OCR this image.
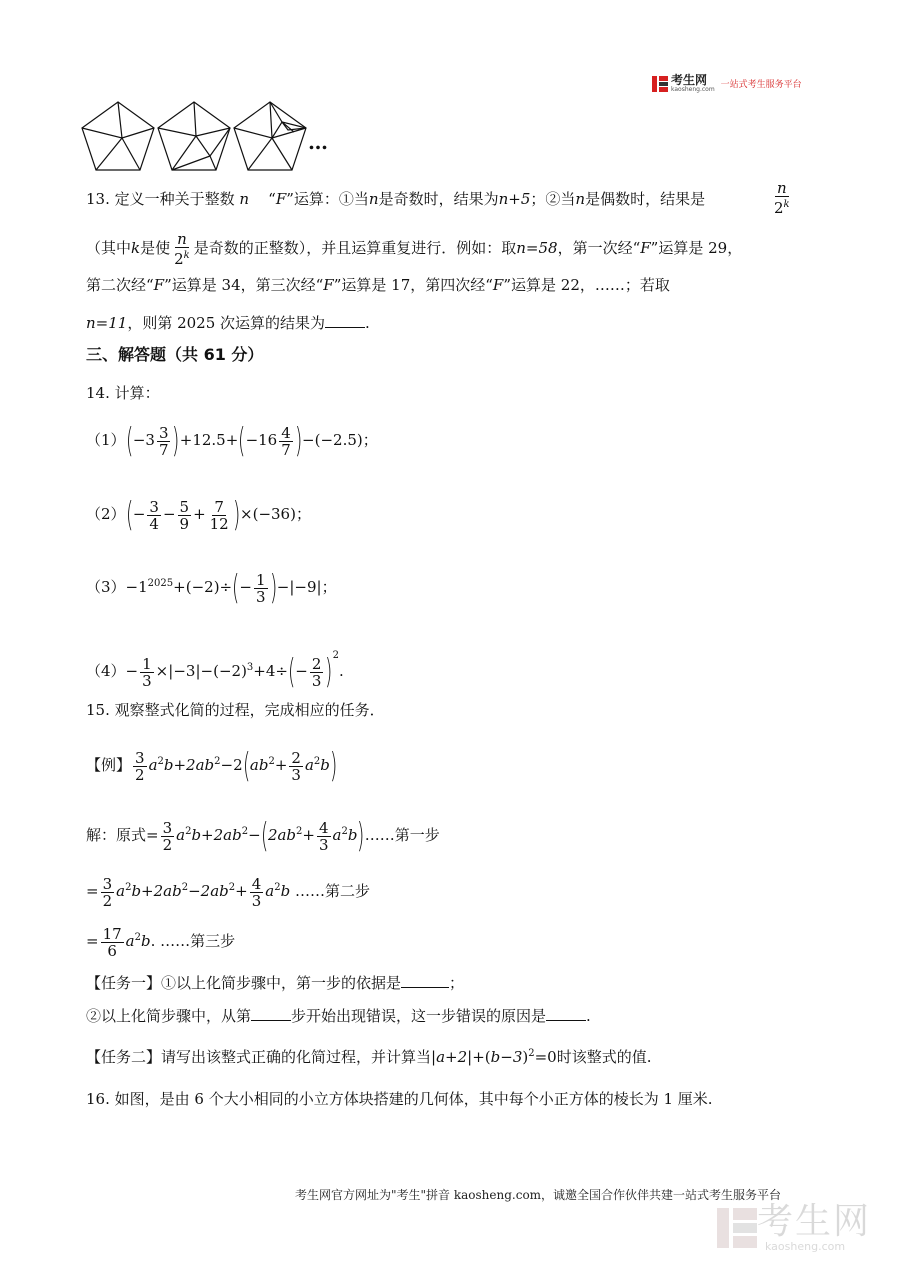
考生网
kaosheng.com 一站式考生服务平台
…
13. 定义一种关于整数 n “F”运算：①当n是奇数时，结果为n+5；②当n是偶数时，结果是	$\frac{n}{2^k}$
（其中k是使 $\frac{n}{2^k}$ 是奇数的正整数），并且运算重复进行．例如：取n=58，第一次经“F”运算是 29，
第二次经“F”运算是 34，第三次经“F”运算是 17，第四次经“F”运算是 22，……；若取
n=11，则第 2025 次运算的结果为	.
三、解答题（共 61 分）
14. 计算：
$(1)(-3 \frac{3}{7} )+12.5+(-16 \frac{4}{7} )-(-2.5)$；
$(2)(- \frac{3}{4} - \frac{5}{9} + \frac{7}{12} )\times(-36)$；
$(3)-1^{2025}+(-2)\div(- \frac{1}{3} )-|-9|$；
$(4)- \frac{1}{3} \times|-3|-(-2)^3+4\div(- \frac{2}{3} )^2$.
15. 观察整式化简的过程，完成相应的任务．
【例】 $\frac{3}{2} a^2b+2ab^2-2(ab^2+ \frac{2}{3} a^2b)$
解：原式= $\frac{3}{2} a^2b+2ab^2-(2ab^2+ \frac{4}{3}$ $a^2b)\dots\dots$第一步
= $\frac{3}{2} a^2b+2ab^2-2ab^2+ \frac{4}{3} a^2b$ ……第二步
= $\frac{17}{6} a^2b$. ……第三步
【任务一】①以上化简步骤中，第一步的依据是	；
②以上化简步骤中，从第	步开始出现错误，这一步错误的原因是	.
【任务二】请写出该整式正确的化简过程，并计算当$|a+2|+(b-3)^2=0$时该整式的值.
16. 如图，是由 6 个大小相同的小立方体块搭建的几何体，其中每个小正方体的棱长为 1 厘米.
考生网官方网址为"考生"拼音 kaosheng.com，诚邀全国合作伙伴共建一站式考生服务平台
考生网
kaosheng.com
